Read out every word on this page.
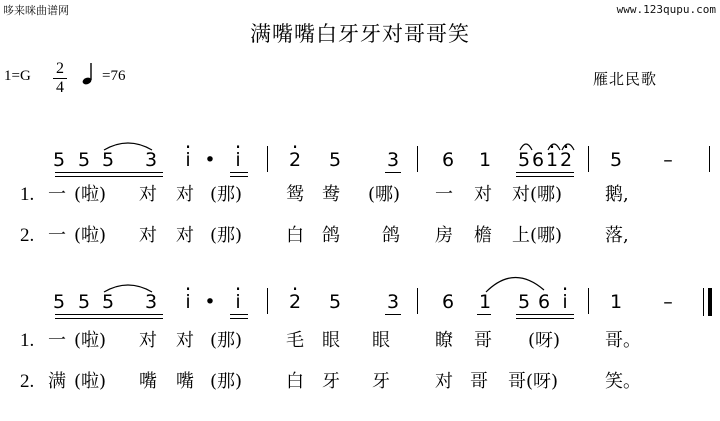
哆来咪曲谱网	www.123qupu.com
满嘴嘴白牙牙对哥哥笑
雁北民歌
1=G 2
4
=76
5 5 5 3 · i • · i	· 2 5 3 6 1 5 6 · 1 · 2 5 –
1. 一 (啦) 对 对 (那) 鸳 鸯 (哪) 一 对 对(哪) 鹅,
2. 一 (啦) 对 对 (那) 白 鸽 鸽 房 檐 上(哪) 落,
5 5 5 3 · i • · i	· 2 5 3 6 1 5 6 · i 1 –
1. 一 (啦) 对 对 (那) 毛 眼 眼	瞭 哥 (呀) 哥。
2. 满 (啦) 嘴 嘴 (那) 白 牙 牙	对 哥 哥(呀)	笑。
